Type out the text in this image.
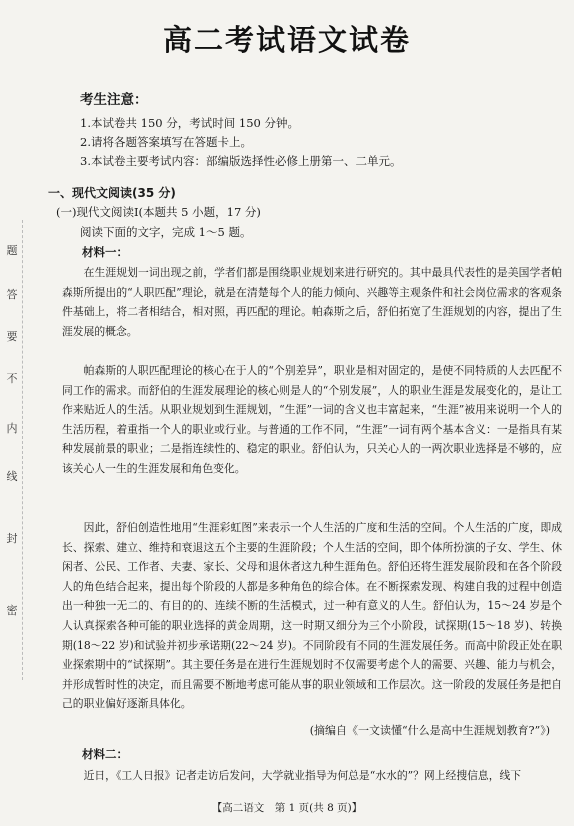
密
封
线
内
不
要
答
题
高二考试语文试卷
考生注意：
1.本试卷共 150 分，考试时间 150 分钟。
2.请将各题答案填写在答题卡上。
3.本试卷主要考试内容：部编版选择性必修上册第一、二单元。
一、现代文阅读(35 分)
(一)现代文阅读Ⅰ(本题共 5 小题，17 分)
阅读下面的文字，完成 1～5 题。
材料一：
在生涯规划一词出现之前，学者们都是围绕职业规划来进行研究的。其中最具代表性的是美国学者帕森斯所提出的“人职匹配”理论，就是在清楚每个人的能力倾向、兴趣等主观条件和社会岗位需求的客观条件基础上，将二者相结合，相对照，再匹配的理论。帕森斯之后，舒伯拓宽了生涯规划的内容，提出了生涯发展的概念。
帕森斯的人职匹配理论的核心在于人的“个别差异”，职业是相对固定的，是使不同特质的人去匹配不同工作的需求。而舒伯的生涯发展理论的核心则是人的“个别发展”，人的职业生涯是发展变化的，是让工作来贴近人的生活。从职业规划到生涯规划，“生涯”一词的含义也丰富起来，“生涯”被用来说明一个人的生活历程，着重指一个人的职业或行业。与普通的工作不同，“生涯”一词有两个基本含义：一是指具有某种发展前景的职业；二是指连续性的、稳定的职业。舒伯认为，只关心人的一两次职业选择是不够的，应该关心人一生的生涯发展和角色变化。
因此，舒伯创造性地用“生涯彩虹图”来表示一个人生活的广度和生活的空间。个人生活的广度，即成长、探索、建立、维持和衰退这五个主要的生涯阶段；个人生活的空间，即个体所扮演的子女、学生、休闲者、公民、工作者、夫妻、家长、父母和退休者这九种生涯角色。舒伯还将生涯发展阶段和在各个阶段人的角色结合起来，提出每个阶段的人都是多种角色的综合体。在不断探索发现、构建自我的过程中创造出一种独一无二的、有目的的、连续不断的生活模式，过一种有意义的人生。舒伯认为，15～24 岁是个人认真探索各种可能的职业选择的黄金周期，这一时期又细分为三个小阶段，试探期(15～18 岁)、转换期(18～22 岁)和试验并初步承诺期(22～24 岁)。不同阶段有不同的生涯发展任务。而高中阶段正处在职业探索期中的“试探期”。其主要任务是在进行生涯规划时不仅需要考虑个人的需要、兴趣、能力与机会，并形成暂时性的决定，而且需要不断地考虑可能从事的职业领域和工作层次。这一阶段的发展任务是把自己的职业偏好逐渐具体化。
(摘编自《一文读懂“什么是高中生涯规划教育?”》)
材料二：
近日，《工人日报》记者走访后发问，大学就业指导为何总是“水水的”？网上经搜信息，线下
【高二语文　第 1 页(共 8 页)】
